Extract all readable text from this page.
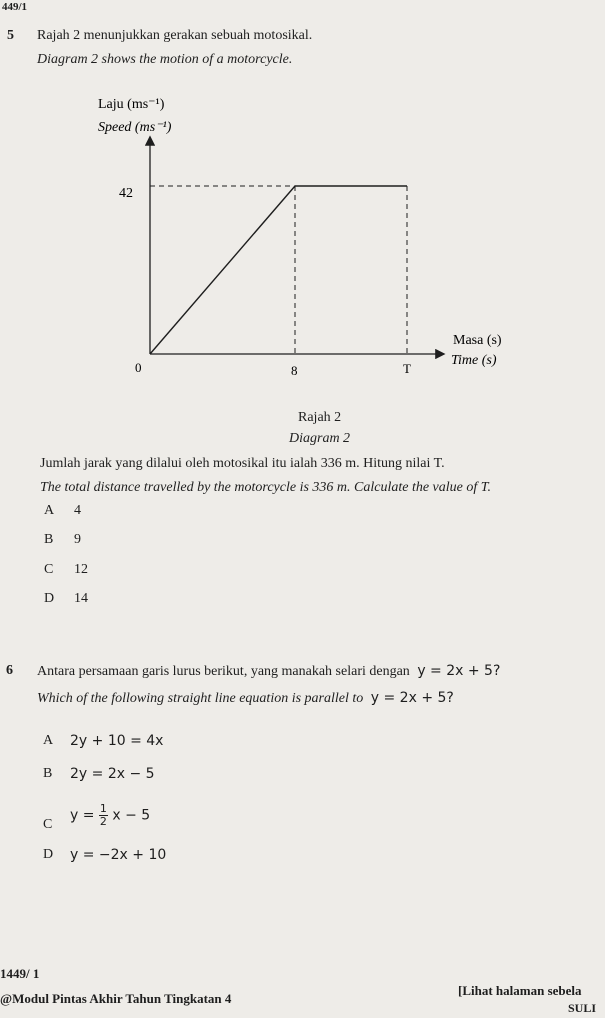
449/1
5 Rajah 2 menunjukkan gerakan sebuah motosikal.
Diagram 2 shows the motion of a motorcycle.
Laju (ms⁻¹)
Speed (ms⁻¹)
42
0	8	T
Masa (s)
Time (s)
Rajah 2
Diagram 2
Jumlah jarak yang dilalui oleh motosikal itu ialah 336 m. Hitung nilai T.
The total distance travelled by the motorcycle is 336 m. Calculate the value of T.
A 4
B 9
C 12
D 14
6 Antara persamaan garis lurus berikut, yang manakah selari dengan y = 2x + 5?
Which of the following straight line equation is parallel to y = 2x + 5?
A 2y + 10 = 4x
B 2y = 2x − 5
C
$y = \frac{1}{2}$ x − 5
D y = −2x + 10
1449/ 1
@Modul Pintas Akhir Tahun Tingkatan 4
[Lihat halaman sebela
SULI
